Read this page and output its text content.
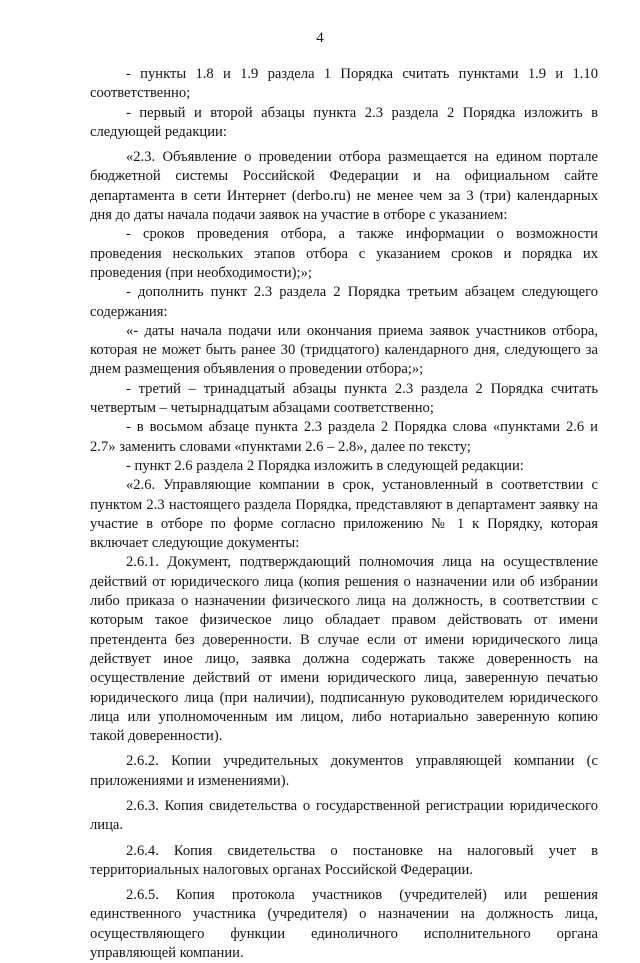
4

- пункты 1.8 и 1.9 раздела 1 Порядка считать пунктами 1.9 и 1.10 соответственно;

- первый и второй абзацы пункта 2.3 раздела 2 Порядка изложить в следующей редакции:

«2.3. Объявление о проведении отбора размещается на едином портале бюджетной системы Российской Федерации и на официальном сайте департамента в сети Интернет (derbo.ru) не менее чем за 3 (три) календарных дня до даты начала подачи заявок на участие в отборе с указанием:

- сроков проведения отбора, а также информации о возможности проведения нескольких этапов отбора с указанием сроков и порядка их проведения (при необходимости);»;

- дополнить пункт 2.3 раздела 2 Порядка третьим абзацем следующего содержания:

«- даты начала подачи или окончания приема заявок участников отбора, которая не может быть ранее 30 (тридцатого) календарного дня, следующего за днем размещения объявления о проведении отбора;»;

- третий – тринадцатый абзацы пункта 2.3 раздела 2 Порядка считать четвертым – четырнадцатым абзацами соответственно;

- в восьмом абзаце пункта 2.3 раздела 2 Порядка слова «пунктами 2.6 и 2.7» заменить словами «пунктами 2.6 – 2.8», далее по тексту;

- пункт 2.6 раздела 2 Порядка изложить в следующей редакции:

«2.6. Управляющие компании в срок, установленный в соответствии с пунктом 2.3 настоящего раздела Порядка, представляют в департамент заявку на участие в отборе по форме согласно приложению № 1 к Порядку, которая включает следующие документы:

2.6.1. Документ, подтверждающий полномочия лица на осуществление действий от юридического лица (копия решения о назначении или об избрании либо приказа о назначении физического лица на должность, в соответствии с которым такое физическое лицо обладает правом действовать от имени претендента без доверенности. В случае если от имени юридического лица действует иное лицо, заявка должна содержать также доверенность на осуществление действий от имени юридического лица, заверенную печатью юридического лица (при наличии), подписанную руководителем юридического лица или уполномоченным им лицом, либо нотариально заверенную копию такой доверенности).

2.6.2. Копии учредительных документов управляющей компании (с приложениями и изменениями).

2.6.3. Копия свидетельства о государственной регистрации юридического лица.

2.6.4. Копия свидетельства о постановке на налоговый учет в территориальных налоговых органах Российской Федерации.

2.6.5. Копия протокола участников (учредителей) или решения единственного участника (учредителя) о назначении на должность лица, осуществляющего функции единоличного исполнительного органа управляющей компании.
